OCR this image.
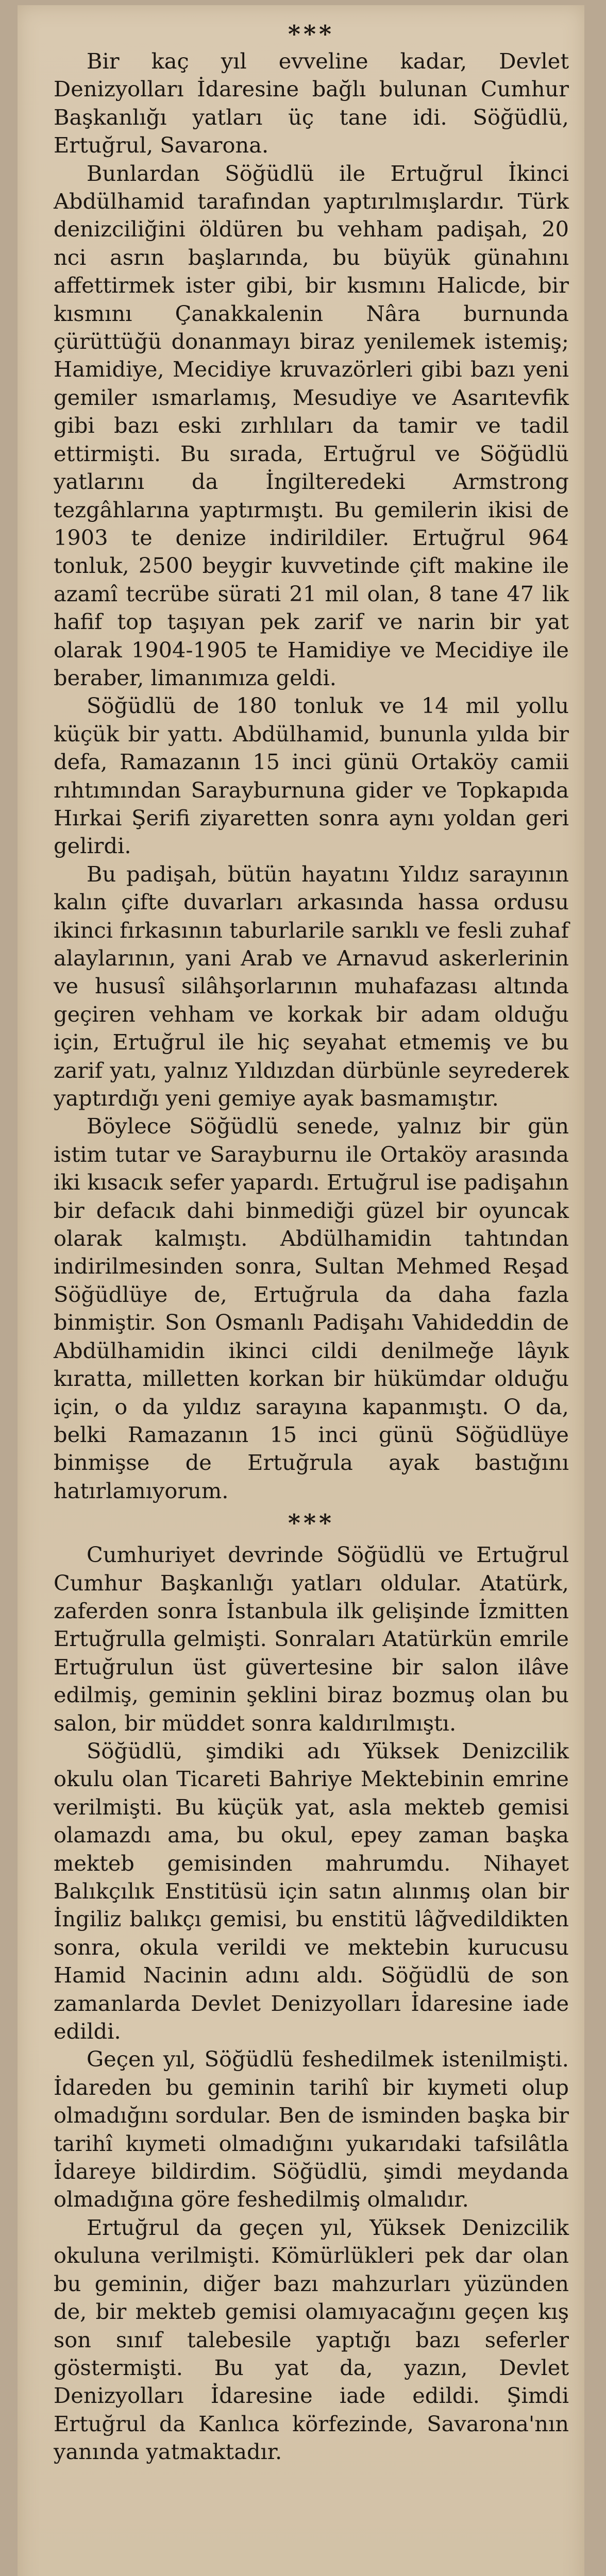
***

Bir kaç yıl evveline kadar, Devlet Denizyolları İdaresine bağlı bulunan Cumhur Başkanlığı yatları üç tane idi. Söğüdlü, Ertuğrul, Savarona.

Bunlardan Söğüdlü ile Ertuğrul İkinci Abdülhamid tarafından yaptırılmışlardır. Türk denizciliğini öldüren bu vehham padişah, 20 nci asrın başlarında, bu büyük günahını affettirmek ister gibi, bir kısmını Halicde, bir kısmını Çanakkalenin Nâra burnunda çürüttüğü donanmayı biraz yenilemek istemiş; Hamidiye, Mecidiye kruvazörleri gibi bazı yeni gemiler ısmarlamış, Mesudiye ve Asarıtevfik gibi bazı eski zırhlıları da tamir ve tadil ettirmişti. Bu sırada, Ertuğrul ve Söğüdlü yatlarını da İngilteredeki Armstrong tezgâhlarına yaptırmıştı. Bu gemilerin ikisi de 1903 te denize indirildiler. Ertuğrul 964 tonluk, 2500 beygir kuvvetinde çift makine ile azamî tecrübe sürati 21 mil olan, 8 tane 47 lik hafif top taşıyan pek zarif ve narin bir yat olarak 1904-1905 te Hamidiye ve Mecidiye ile beraber, limanımıza geldi.

Söğüdlü de 180 tonluk ve 14 mil yollu küçük bir yattı. Abdülhamid, bununla yılda bir defa, Ramazanın 15 inci günü Ortaköy camii rıhtımından Sarayburnuna gider ve Topkapıda Hırkai Şerifi ziyaretten sonra aynı yoldan geri gelirdi.

Bu padişah, bütün hayatını Yıldız sarayının kalın çifte duvarları arkasında hassa ordusu ikinci fırkasının taburlarile sarıklı ve fesli zuhaf alaylarının, yani Arab ve Arnavud askerlerinin ve hususî silâhşorlarının muhafazası altında geçiren vehham ve korkak bir adam olduğu için, Ertuğrul ile hiç seyahat etmemiş ve bu zarif yatı, yalnız Yıldızdan dürbünle seyrederek yaptırdığı yeni gemiye ayak basmamıştır.

Böylece Söğüdlü senede, yalnız bir gün istim tutar ve Sarayburnu ile Ortaköy arasında iki kısacık sefer yapardı. Ertuğrul ise padişahın bir defacık dahi binmediği güzel bir oyuncak olarak kalmıştı. Abdülhamidin tahtından indirilmesinden sonra, Sultan Mehmed Reşad Söğüdlüye de, Ertuğrula da daha fazla binmiştir. Son Osmanlı Padişahı Vahideddin de Abdülhamidin ikinci cildi denilmeğe lâyık kıratta, milletten korkan bir hükümdar olduğu için, o da yıldız sarayına kapanmıştı. O da, belki Ramazanın 15 inci günü Söğüdlüye binmişse de Ertuğrula ayak bastığını hatırlamıyorum.

***

Cumhuriyet devrinde Söğüdlü ve Ertuğrul Cumhur Başkanlığı yatları oldular. Atatürk, zaferden sonra İstanbula ilk gelişinde İzmitten Ertuğrulla gelmişti. Sonraları Atatürkün emrile Ertuğrulun üst güvertesine bir salon ilâve edilmiş, geminin şeklini biraz bozmuş olan bu salon, bir müddet sonra kaldırılmıştı.

Söğüdlü, şimdiki adı Yüksek Denizcilik okulu olan Ticareti Bahriye Mektebinin emrine verilmişti. Bu küçük yat, asla mekteb gemisi olamazdı ama, bu okul, epey zaman başka mekteb gemisinden mahrumdu. Nihayet Balıkçılık Enstitüsü için satın alınmış olan bir İngiliz balıkçı gemisi, bu enstitü lâğvedildikten sonra, okula verildi ve mektebin kurucusu Hamid Nacinin adını aldı. Söğüdlü de son zamanlarda Devlet Denizyolları İdaresine iade edildi.

Geçen yıl, Söğüdlü feshedilmek istenilmişti. İdareden bu geminin tarihî bir kıymeti olup olmadığını sordular. Ben de isminden başka bir tarihî kıymeti olmadığını yukarıdaki tafsilâtla İdareye bildirdim. Söğüdlü, şimdi meydanda olmadığına göre feshedilmiş olmalıdır.

Ertuğrul da geçen yıl, Yüksek Denizcilik okuluna verilmişti. Kömürlükleri pek dar olan bu geminin, diğer bazı mahzurları yüzünden de, bir mekteb gemisi olamıyacağını geçen kış son sınıf talebesile yaptığı bazı seferler göstermişti. Bu yat da, yazın, Devlet Denizyolları İdaresine iade edildi. Şimdi Ertuğrul da Kanlıca körfezinde, Savarona'nın yanında yatmaktadır.
